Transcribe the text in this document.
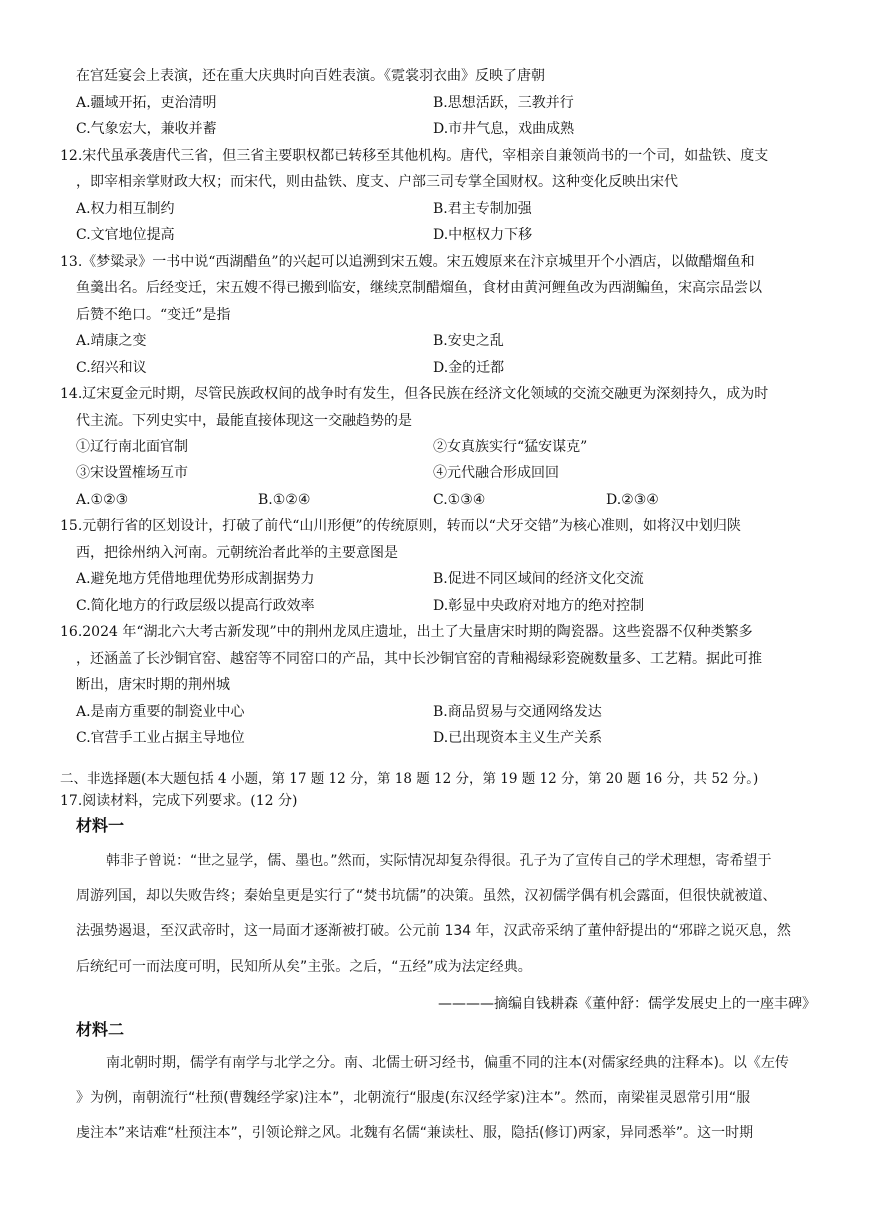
在宫廷宴会上表演，还在重大庆典时向百姓表演。《霓裳羽衣曲》反映了唐朝
A.疆域开拓，吏治清明	B.思想活跃，三教并行
C.气象宏大，兼收并蓄	D.市井气息，戏曲成熟
12.宋代虽承袭唐代三省，但三省主要职权都已转移至其他机构。唐代，宰相亲自兼领尚书的一个司，如盐铁、度支
，即宰相亲掌财政大权；而宋代，则由盐铁、度支、户部三司专掌全国财权。这种变化反映出宋代
A.权力相互制约	B.君主专制加强
C.文官地位提高	D.中枢权力下移
13.《梦粱录》一书中说“西湖醋鱼”的兴起可以追溯到宋五嫂。宋五嫂原来在汴京城里开个小酒店，以做醋熘鱼和
鱼羹出名。后经变迁，宋五嫂不得已搬到临安，继续烹制醋熘鱼，食材由黄河鲤鱼改为西湖鳊鱼，宋高宗品尝以
后赞不绝口。“变迁”是指
A.靖康之变	B.安史之乱
C.绍兴和议	D.金的迁都
14.辽宋夏金元时期，尽管民族政权间的战争时有发生，但各民族在经济文化领域的交流交融更为深刻持久，成为时
代主流。下列史实中，最能直接体现这一交融趋势的是
①辽行南北面官制	②女真族实行“猛安谋克”
③宋设置榷场互市	④元代融合形成回回
A.①②③	B.①②④	C.①③④	D.②③④
15.元朝行省的区划设计，打破了前代“山川形便”的传统原则，转而以“犬牙交错”为核心准则，如将汉中划归陕
西，把徐州纳入河南。元朝统治者此举的主要意图是
A.避免地方凭借地理优势形成割据势力	B.促进不同区域间的经济文化交流
C.简化地方的行政层级以提高行政效率	D.彰显中央政府对地方的绝对控制
16.2024 年“湖北六大考古新发现”中的荆州龙凤庄遗址，出土了大量唐宋时期的陶瓷器。这些瓷器不仅种类繁多
，还涵盖了长沙铜官窑、越窑等不同窑口的产品，其中长沙铜官窑的青釉褐绿彩瓷碗数量多、工艺精。据此可推
断出，唐宋时期的荆州城
A.是南方重要的制瓷业中心	B.商品贸易与交通网络发达
C.官营手工业占据主导地位	D.已出现资本主义生产关系
二、非选择题(本大题包括 4 小题，第 17 题 12 分，第 18 题 12 分，第 19 题 12 分，第 20 题 16 分，共 52 分。)
17.阅读材料，完成下列要求。(12 分)
材料一
韩非子曾说：“世之显学，儒、墨也。”然而，实际情况却复杂得很。孔子为了宣传自己的学术理想，寄希望于
周游列国，却以失败告终；秦始皇更是实行了“焚书坑儒”的决策。虽然，汉初儒学偶有机会露面，但很快就被道、
法强势遏退，至汉武帝时，这一局面才逐渐被打破。公元前 134 年，汉武帝采纳了董仲舒提出的“邪辟之说灭息，然
后统纪可一而法度可明，民知所从矣”主张。之后，“五经”成为法定经典。
————摘编自钱耕森《董仲舒：儒学发展史上的一座丰碑》
材料二
南北朝时期，儒学有南学与北学之分。南、北儒士研习经书，偏重不同的注本(对儒家经典的注释本)。以《左传
》为例，南朝流行“杜预(曹魏经学家)注本”，北朝流行“服虔(东汉经学家)注本”。然而，南梁崔灵恩常引用“服
虔注本”来诘难“杜预注本”，引领论辩之风。北魏有名儒“兼读杜、服，隐括(修订)两家，异同悉举”。这一时期
